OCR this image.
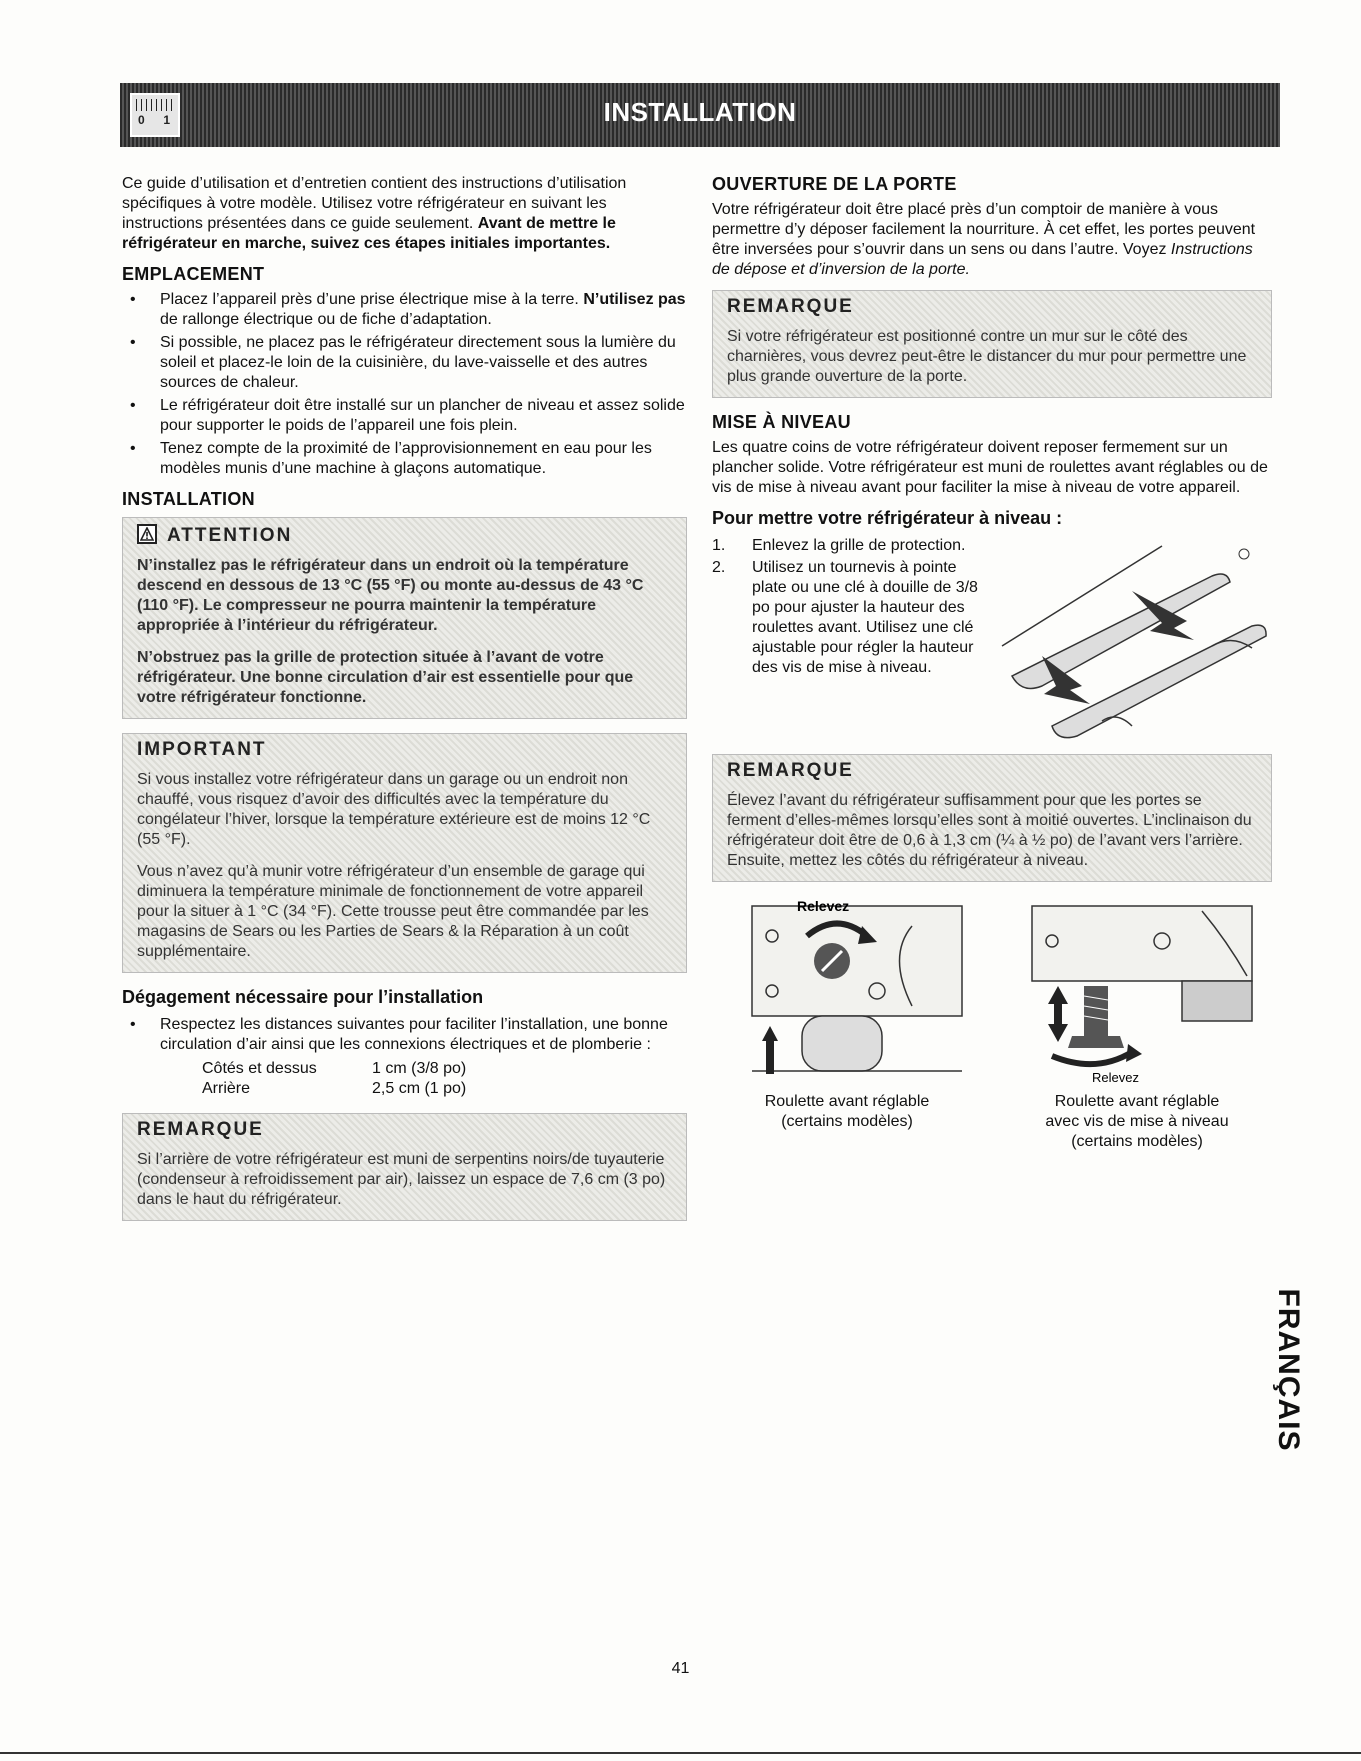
0 1	INSTALLATION

Ce guide d’utilisation et d’entretien contient des instructions d’utilisation spécifiques à votre modèle. Utilisez votre réfrigérateur en suivant les instructions présentées dans ce guide seulement. Avant de mettre le réfrigérateur en marche, suivez ces étapes initiales importantes.

EMPLACEMENT
• Placez l’appareil près d’une prise électrique mise à la terre. N’utilisez pas de rallonge électrique ou de fiche d’adaptation.
• Si possible, ne placez pas le réfrigérateur directement sous la lumière du soleil et placez-le loin de la cuisinière, du lave-vaisselle et des autres sources de chaleur.
• Le réfrigérateur doit être installé sur un plancher de niveau et assez solide pour supporter le poids de l’appareil une fois plein.
• Tenez compte de la proximité de l’approvisionnement en eau pour les modèles munis d’une machine à glaçons automatique.
INSTALLATION
ATTENTION

N’installez pas le réfrigérateur dans un endroit où la température descend en dessous de 13 °C (55 °F) ou monte au-dessus de 43 °C (110 °F). Le compresseur ne pourra maintenir la température appropriée à l’intérieur du réfrigérateur.

N’obstruez pas la grille de protection située à l’avant de votre réfrigérateur. Une bonne circulation d’air est essentielle pour que votre réfrigérateur fonctionne.

IMPORTANT

Si vous installez votre réfrigérateur dans un garage ou un endroit non chauffé, vous risquez d’avoir des difficultés avec la température du congélateur l’hiver, lorsque la température extérieure est de moins 12 °C (55 °F).

Vous n’avez qu’à munir votre réfrigérateur d’un ensemble de garage qui diminuera la température minimale de fonctionnement de votre appareil pour la situer à 1 °C (34 °F). Cette trousse peut être commandée par les magasins de Sears ou les Parties de Sears & la Réparation à un coût supplémentaire.

Dégagement nécessaire pour l’installation
• Respectez les distances suivantes pour faciliter l’installation, une bonne circulation d’air ainsi que les connexions électriques et de plomberie :
Côtés et dessus	1 cm (3/8 po)
Arrière	2,5 cm (1 po)
REMARQUE

Si l’arrière de votre réfrigérateur est muni de serpentins noirs/de tuyauterie (condenseur à refroidissement par air), laissez un espace de 7,6 cm (3 po) dans le haut du réfrigérateur.

OUVERTURE DE LA PORTE

Votre réfrigérateur doit être placé près d’un comptoir de manière à vous permettre d’y déposer facilement la nourriture. À cet effet, les portes peuvent être inversées pour s’ouvrir dans un sens ou dans l’autre. Voyez Instructions de dépose et d’inversion de la porte.

REMARQUE

Si votre réfrigérateur est positionné contre un mur sur le côté des charnières, vous devrez peut-être le distancer du mur pour permettre une plus grande ouverture de la porte.

MISE À NIVEAU

Les quatre coins de votre réfrigérateur doivent reposer fermement sur un plancher solide. Votre réfrigérateur est muni de roulettes avant réglables ou de vis de mise à niveau avant pour faciliter la mise à niveau de votre appareil.

Pour mettre votre réfrigérateur à niveau :
1. Enlevez la grille de protection.
2. Utilisez un tournevis à pointe plate ou une clé à douille de 3/8 po pour ajuster la hauteur des roulettes avant. Utilisez une clé ajustable pour régler la hauteur des vis de mise à niveau.
REMARQUE

Élevez l’avant du réfrigérateur suffisamment pour que les portes se ferment d’elles-mêmes lorsqu’elles sont à moitié ouvertes. L’inclinaison du réfrigérateur doit être de 0,6 à 1,3 cm (¼ à ½ po) de l’avant vers l’arrière. Ensuite, mettez les côtés du réfrigérateur à niveau.

Relevez
Roulette avant réglable
(certains modèles)
Relevez
Roulette avant réglable
avec vis de mise à niveau
(certains modèles)
FRANÇAIS
41
